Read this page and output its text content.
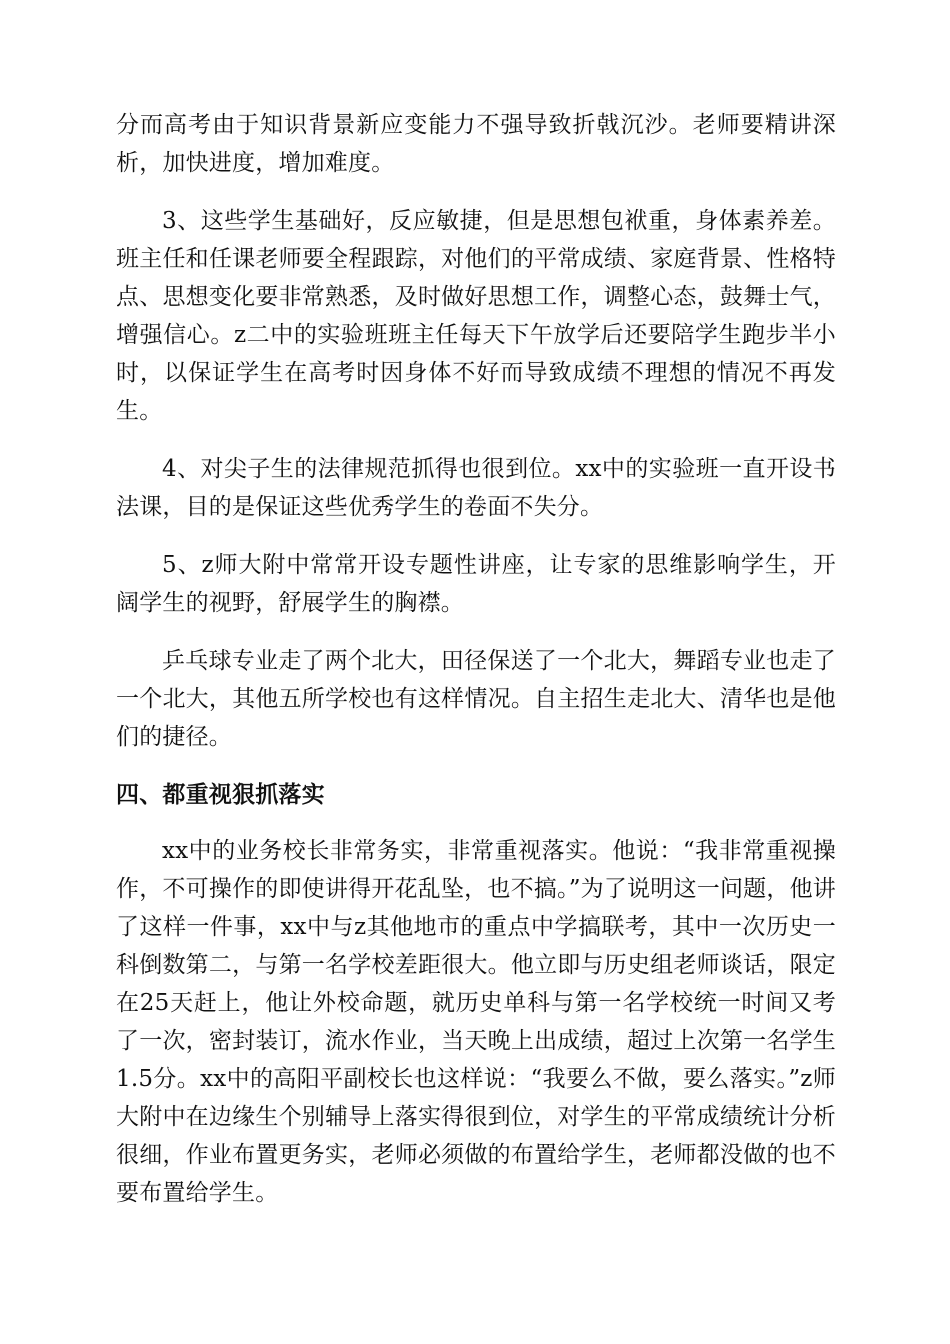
分而高考由于知识背景新应变能力不强导致折戟沉沙。老师要精讲深析，加快进度，增加难度。

3、这些学生基础好，反应敏捷，但是思想包袱重，身体素养差。班主任和任课老师要全程跟踪，对他们的平常成绩、家庭背景、性格特点、思想变化要非常熟悉，及时做好思想工作，调整心态，鼓舞士气，增强信心。z二中的实验班班主任每天下午放学后还要陪学生跑步半小时，以保证学生在高考时因身体不好而导致成绩不理想的情况不再发生。

4、对尖子生的法律规范抓得也很到位。xx中的实验班一直开设书法课，目的是保证这些优秀学生的卷面不失分。

5、z师大附中常常开设专题性讲座，让专家的思维影响学生，开阔学生的视野，舒展学生的胸襟。

乒乓球专业走了两个北大，田径保送了一个北大，舞蹈专业也走了一个北大，其他五所学校也有这样情况。自主招生走北大、清华也是他们的捷径。

四、都重视狠抓落实

xx中的业务校长非常务实，非常重视落实。他说：“我非常重视操作，不可操作的即使讲得开花乱坠，也不搞。”为了说明这一问题，他讲了这样一件事，xx中与z其他地市的重点中学搞联考，其中一次历史一科倒数第二，与第一名学校差距很大。他立即与历史组老师谈话，限定在25天赶上，他让外校命题，就历史单科与第一名学校统一时间又考了一次，密封装订，流水作业，当天晚上出成绩，超过上次第一名学生1.5分。xx中的高阳平副校长也这样说：“我要么不做，要么落实。”z师大附中在边缘生个别辅导上落实得很到位，对学生的平常成绩统计分析很细，作业布置更务实，老师必须做的布置给学生，老师都没做的也不要布置给学生。
